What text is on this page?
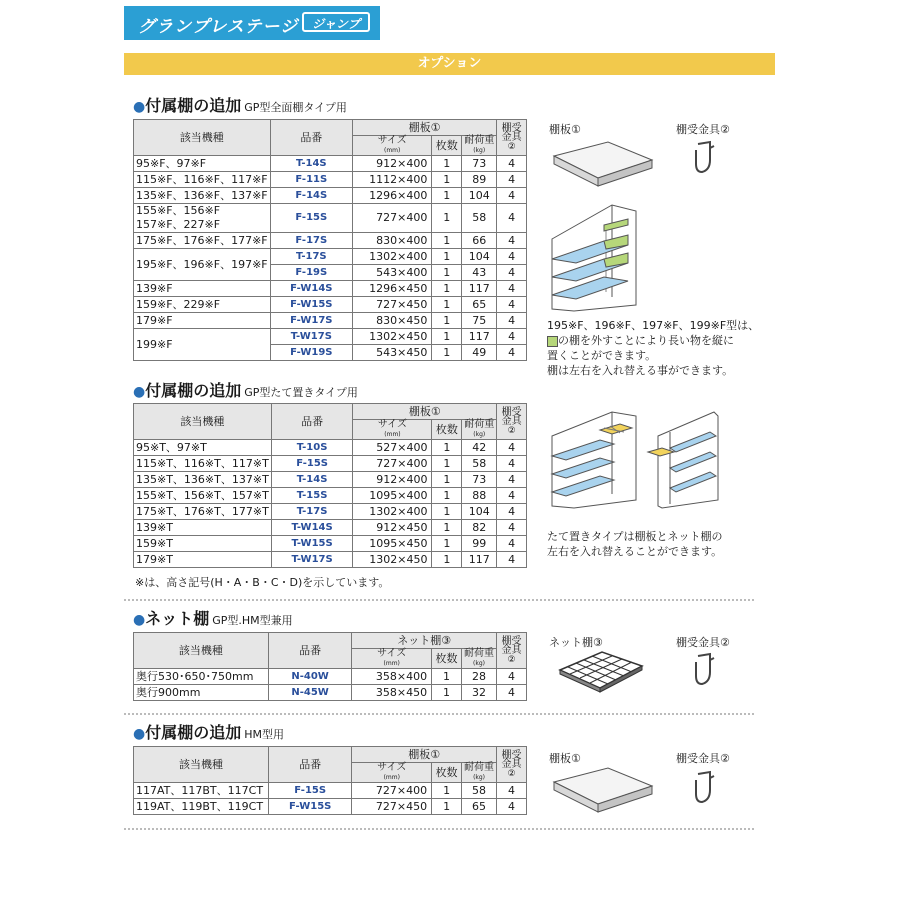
グランプレステージ	ジャンプ
オプション
●付属棚の追加 GP型全面棚タイプ用
該当機種	品番	棚板①			棚受
金具
②
		サイズ
(mm)	枚数	耐荷重
(kg)	
95※F、97※F	T-14S	912×400	1	73	4
115※F、116※F、117※F	F-11S	1112×400	1	89	4
135※F、136※F、137※F	F-14S	1296×400	1	104	4
155※F、156※F
157※F、227※F	F-15S	727×400	1	58	4
175※F、176※F、177※F	F-17S	830×400	1	66	4
195※F、196※F、197※F	T-17S	1302×400	1	104	4
	F-19S	543×400	1	43	4
139※F	F-W14S	1296×450	1	117	4
159※F、229※F	F-W15S	727×450	1	65	4
179※F	F-W17S	830×450	1	75	4
199※F	T-W17S	1302×450	1	117	4
	F-W19S	543×450	1	49	4
棚板①	棚受金具②
195※F、196※F、197※F、199※F型は、
の棚を外すことにより長い物を縦に
置くことができます。
棚は左右を入れ替える事ができます。
●付属棚の追加 GP型たて置きタイプ用
該当機種	品番	棚板①			棚受
金具
②
		サイズ
(mm)	枚数	耐荷重
(kg)	
95※T、97※T	T-10S	527×400	1	42	4
115※T、116※T、117※T	F-15S	727×400	1	58	4
135※T、136※T、137※T	T-14S	912×400	1	73	4
155※T、156※T、157※T	T-15S	1095×400	1	88	4
175※T、176※T、177※T	T-17S	1302×400	1	104	4
139※T	T-W14S	912×450	1	82	4
159※T	T-W15S	1095×450	1	99	4
179※T	T-W17S	1302×450	1	117	4
※は、高さ記号(H・A・B・C・D)を示しています。
たて置きタイプは棚板とネット棚の
左右を入れ替えることができます。
●ネット棚 GP型.HM型兼用
該当機種	品番	ネット棚③			棚受
金具
②
		サイズ
(mm)	枚数	耐荷重
(kg)	
奥行530･650･750mm	N-40W	358×400	1	28	4
奥行900mm	N-45W	358×450	1	32	4
ネット棚③	棚受金具②
●付属棚の追加 HM型用
該当機種	品番	棚板①			棚受
金具
②
		サイズ
(mm)	枚数	耐荷重
(kg)	
117AT、117BT、117CT	F-15S	727×400	1	58	4
119AT、119BT、119CT	F-W15S	727×450	1	65	4
棚板①	棚受金具②
